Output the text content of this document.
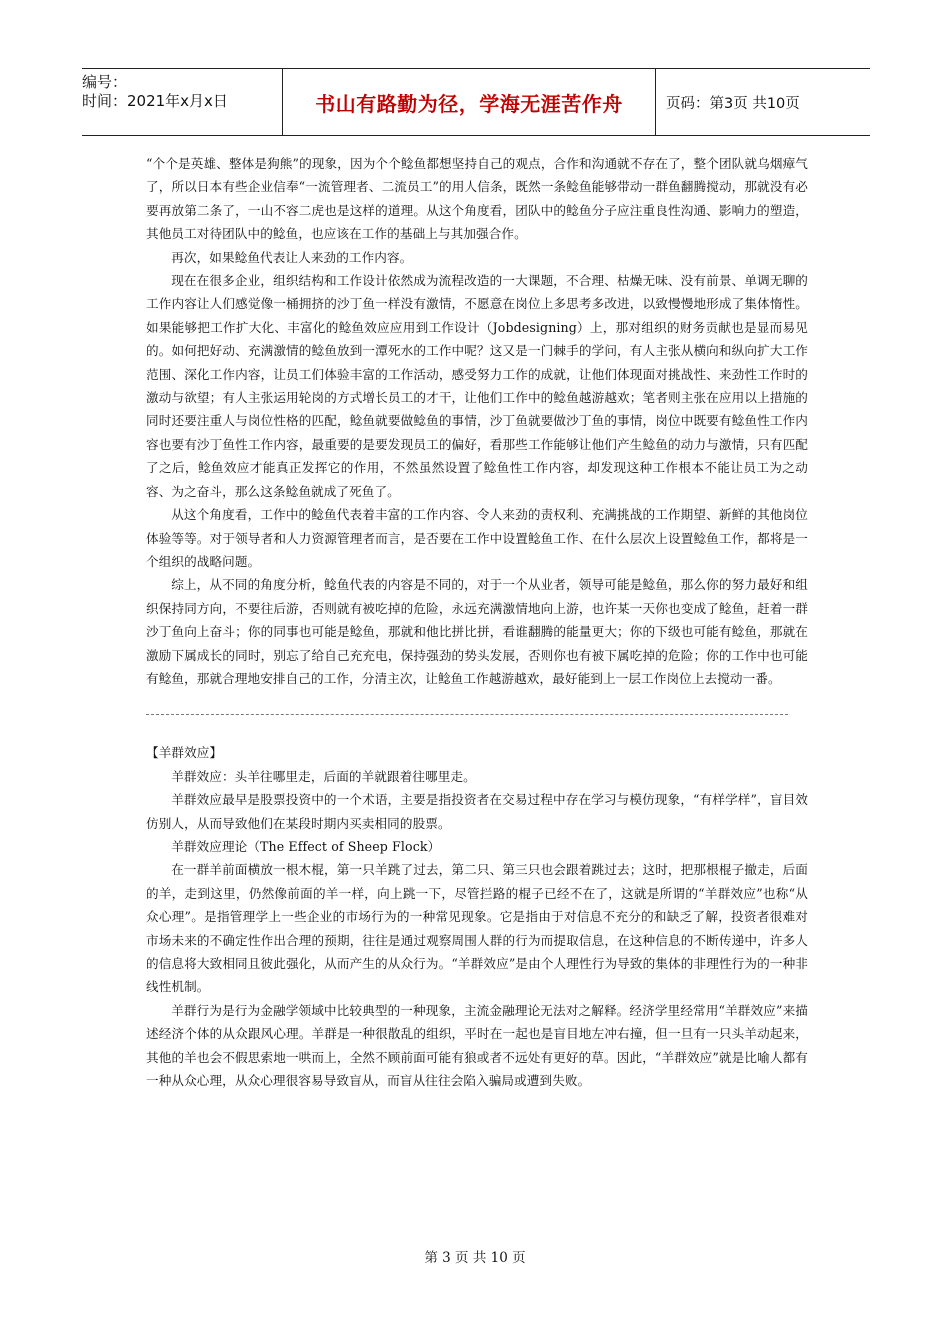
编号：
时间：2021年x月x日	书山有路勤为径，学海无涯苦作舟	页码：第3页 共10页

“个个是英雄、整体是狗熊”的现象，因为个个鲶鱼都想坚持自己的观点，合作和沟通就不存在了，整个团队就乌烟瘴气了，所以日本有些企业信奉“一流管理者、二流员工”的用人信条，既然一条鲶鱼能够带动一群鱼翻腾搅动，那就没有必要再放第二条了，一山不容二虎也是这样的道理。从这个角度看，团队中的鲶鱼分子应注重良性沟通、影响力的塑造，其他员工对待团队中的鲶鱼，也应该在工作的基础上与其加强合作。

再次，如果鲶鱼代表让人来劲的工作内容。

现在在很多企业，组织结构和工作设计依然成为流程改造的一大课题，不合理、枯燥无味、没有前景、单调无聊的工作内容让人们感觉像一桶拥挤的沙丁鱼一样没有激情，不愿意在岗位上多思考多改进，以致慢慢地形成了集体惰性。如果能够把工作扩大化、丰富化的鲶鱼效应应用到工作设计（Jobdesigning）上，那对组织的财务贡献也是显而易见的。如何把好动、充满激情的鲶鱼放到一潭死水的工作中呢？这又是一门棘手的学问，有人主张从横向和纵向扩大工作范围、深化工作内容，让员工们体验丰富的工作活动，感受努力工作的成就，让他们体现面对挑战性、来劲性工作时的激动与欲望；有人主张运用轮岗的方式增长员工的才干，让他们工作中的鲶鱼越游越欢；笔者则主张在应用以上措施的同时还要注重人与岗位性格的匹配，鲶鱼就要做鲶鱼的事情，沙丁鱼就要做沙丁鱼的事情，岗位中既要有鲶鱼性工作内容也要有沙丁鱼性工作内容，最重要的是要发现员工的偏好，看那些工作能够让他们产生鲶鱼的动力与激情，只有匹配了之后，鲶鱼效应才能真正发挥它的作用，不然虽然设置了鲶鱼性工作内容，却发现这种工作根本不能让员工为之动容、为之奋斗，那么这条鲶鱼就成了死鱼了。

从这个角度看，工作中的鲶鱼代表着丰富的工作内容、令人来劲的责权利、充满挑战的工作期望、新鲜的其他岗位体验等等。对于领导者和人力资源管理者而言，是否要在工作中设置鲶鱼工作、在什么层次上设置鲶鱼工作，都将是一个组织的战略问题。

综上，从不同的角度分析，鲶鱼代表的内容是不同的，对于一个从业者，领导可能是鲶鱼，那么你的努力最好和组织保持同方向，不要往后游，否则就有被吃掉的危险，永远充满激情地向上游，也许某一天你也变成了鲶鱼，赶着一群沙丁鱼向上奋斗；你的同事也可能是鲶鱼，那就和他比拼比拼，看谁翻腾的能量更大；你的下级也可能有鲶鱼，那就在激励下属成长的同时，别忘了给自己充充电，保持强劲的势头发展，否则你也有被下属吃掉的危险；你的工作中也可能有鲶鱼，那就合理地安排自己的工作，分清主次，让鲶鱼工作越游越欢，最好能到上一层工作岗位上去搅动一番。

【羊群效应】

羊群效应：头羊往哪里走，后面的羊就跟着往哪里走。

羊群效应最早是股票投资中的一个术语，主要是指投资者在交易过程中存在学习与模仿现象，“有样学样”，盲目效仿别人，从而导致他们在某段时期内买卖相同的股票。

羊群效应理论（The Effect of Sheep Flock）

在一群羊前面横放一根木棍，第一只羊跳了过去，第二只、第三只也会跟着跳过去；这时，把那根棍子撤走，后面的羊，走到这里，仍然像前面的羊一样，向上跳一下，尽管拦路的棍子已经不在了，这就是所谓的“羊群效应”也称“从众心理”。是指管理学上一些企业的市场行为的一种常见现象。它是指由于对信息不充分的和缺乏了解，投资者很难对市场未来的不确定性作出合理的预期，往往是通过观察周围人群的行为而提取信息，在这种信息的不断传递中，许多人的信息将大致相同且彼此强化，从而产生的从众行为。“羊群效应”是由个人理性行为导致的集体的非理性行为的一种非线性机制。

羊群行为是行为金融学领域中比较典型的一种现象，主流金融理论无法对之解释。经济学里经常用“羊群效应”来描述经济个体的从众跟风心理。羊群是一种很散乱的组织，平时在一起也是盲目地左冲右撞，但一旦有一只头羊动起来，其他的羊也会不假思索地一哄而上，全然不顾前面可能有狼或者不远处有更好的草。因此，“羊群效应”就是比喻人都有一种从众心理，从众心理很容易导致盲从，而盲从往往会陷入骗局或遭到失败。

第 3 页 共 10 页
